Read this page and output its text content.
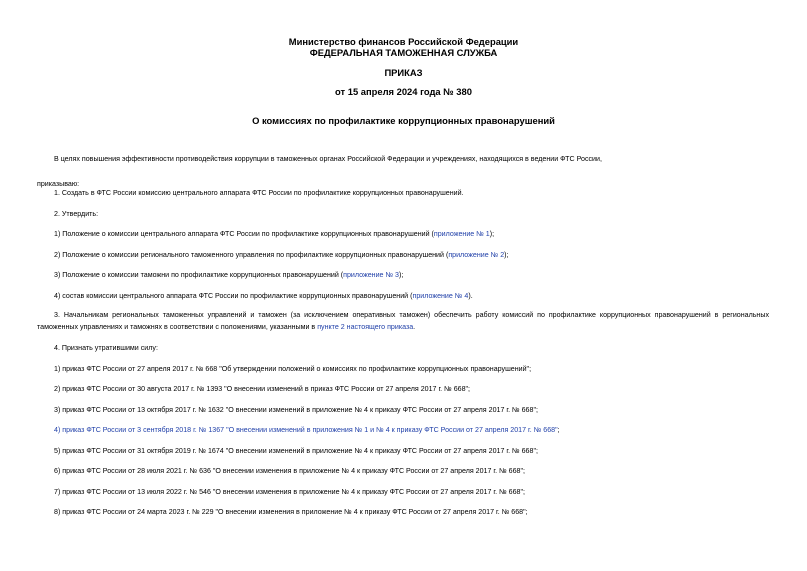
Министерство финансов Российской Федерации
ФЕДЕРАЛЬНАЯ ТАМОЖЕННАЯ СЛУЖБА
ПРИКАЗ
от 15 апреля 2024 года № 380
О комиссиях по профилактике коррупционных правонарушений
В целях повышения эффективности противодействия коррупции в таможенных органах Российской Федерации и учреждениях, находящихся в ведении ФТС России,
приказываю:
1. Создать в ФТС России комиссию центрального аппарата ФТС России по профилактике коррупционных правонарушений.
2. Утвердить:
1) Положение о комиссии центрального аппарата ФТС России по профилактике коррупционных правонарушений (приложение № 1);
2) Положение о комиссии регионального таможенного управления по профилактике коррупционных правонарушений (приложение № 2);
3) Положение о комиссии таможни по профилактике коррупционных правонарушений (приложение № 3);
4) состав комиссии центрального аппарата ФТС России по профилактике коррупционных правонарушений (приложение № 4).
3. Начальникам региональных таможенных управлений и таможен (за исключением оперативных таможен) обеспечить работу комиссий по профилактике коррупционных правонарушений в региональных таможенных управлениях и таможнях в соответствии с положениями, указанными в пункте 2 настоящего приказа.
4. Признать утратившими силу:
1) приказ ФТС России от 27 апреля 2017 г. № 668 "Об утверждении положений о комиссиях по профилактике коррупционных правонарушений";
2) приказ ФТС России от 30 августа 2017 г. № 1393 "О внесении изменений в приказ ФТС России от 27 апреля 2017 г. № 668";
3) приказ ФТС России от 13 октября 2017 г. № 1632 "О внесении изменений в приложение № 4 к приказу ФТС России от 27 апреля 2017 г. № 668";
4) приказ ФТС России от 3 сентября 2018 г. № 1367 "О внесении изменений в приложения № 1 и № 4 к приказу ФТС России от 27 апреля 2017 г. № 668";
5) приказ ФТС России от 31 октября 2019 г. № 1674 "О внесении изменений в приложение № 4 к приказу ФТС России от 27 апреля 2017 г. № 668";
6) приказ ФТС России от 28 июля 2021 г. № 636 "О внесении изменения в приложение № 4 к приказу ФТС России от 27 апреля 2017 г. № 668";
7) приказ ФТС России от 13 июля 2022 г. № 546 "О внесении изменения в приложение № 4 к приказу ФТС России от 27 апреля 2017 г. № 668";
8) приказ ФТС России от 24 марта 2023 г. № 229 "О внесении изменения в приложение № 4 к приказу ФТС России от 27 апреля 2017 г. № 668";
